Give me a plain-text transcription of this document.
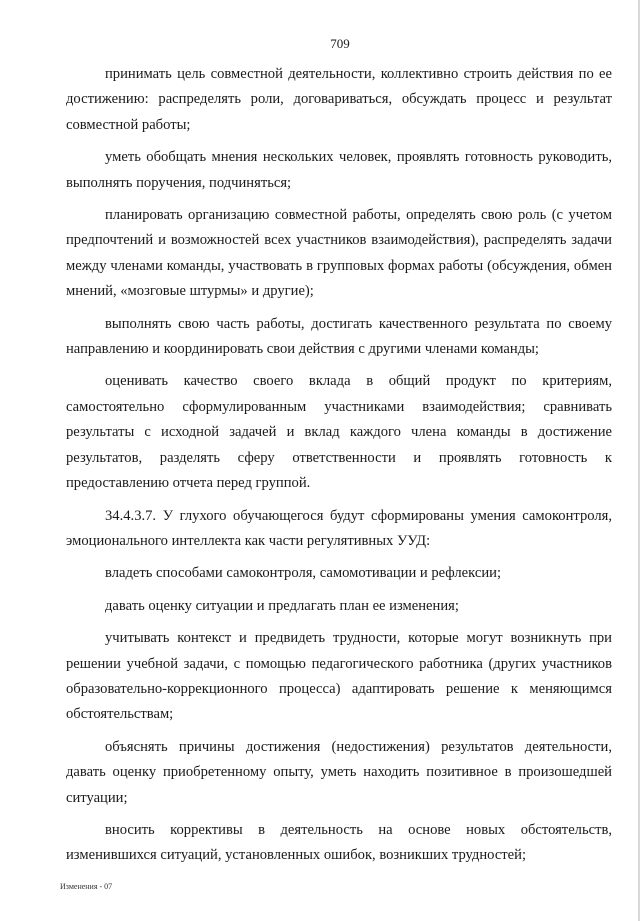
709

принимать цель совместной деятельности, коллективно строить действия по ее достижению: распределять роли, договариваться, обсуждать процесс и результат совместной работы;

уметь обобщать мнения нескольких человек, проявлять готовность руководить, выполнять поручения, подчиняться;

планировать организацию совместной работы, определять свою роль (с учетом предпочтений и возможностей всех участников взаимодействия), распределять задачи между членами команды, участвовать в групповых формах работы (обсуждения, обмен мнений, «мозговые штурмы» и другие);

выполнять свою часть работы, достигать качественного результата по своему направлению и координировать свои действия с другими членами команды;

оценивать качество своего вклада в общий продукт по критериям, самостоятельно сформулированным участниками взаимодействия; сравнивать результаты с исходной задачей и вклад каждого члена команды в достижение результатов, разделять сферу ответственности и проявлять готовность к предоставлению отчета перед группой.

34.4.3.7. У глухого обучающегося будут сформированы умения самоконтроля, эмоционального интеллекта как части регулятивных УУД:

владеть способами самоконтроля, самомотивации и рефлексии;

давать оценку ситуации и предлагать план ее изменения;

учитывать контекст и предвидеть трудности, которые могут возникнуть при решении учебной задачи, с помощью педагогического работника (других участников образовательно-коррекционного процесса) адаптировать решение к меняющимся обстоятельствам;

объяснять причины достижения (недостижения) результатов деятельности, давать оценку приобретенному опыту, уметь находить позитивное в произошедшей ситуации;

вносить коррективы в деятельность на основе новых обстоятельств, изменившихся ситуаций, установленных ошибок, возникших трудностей;

Изменения - 07
